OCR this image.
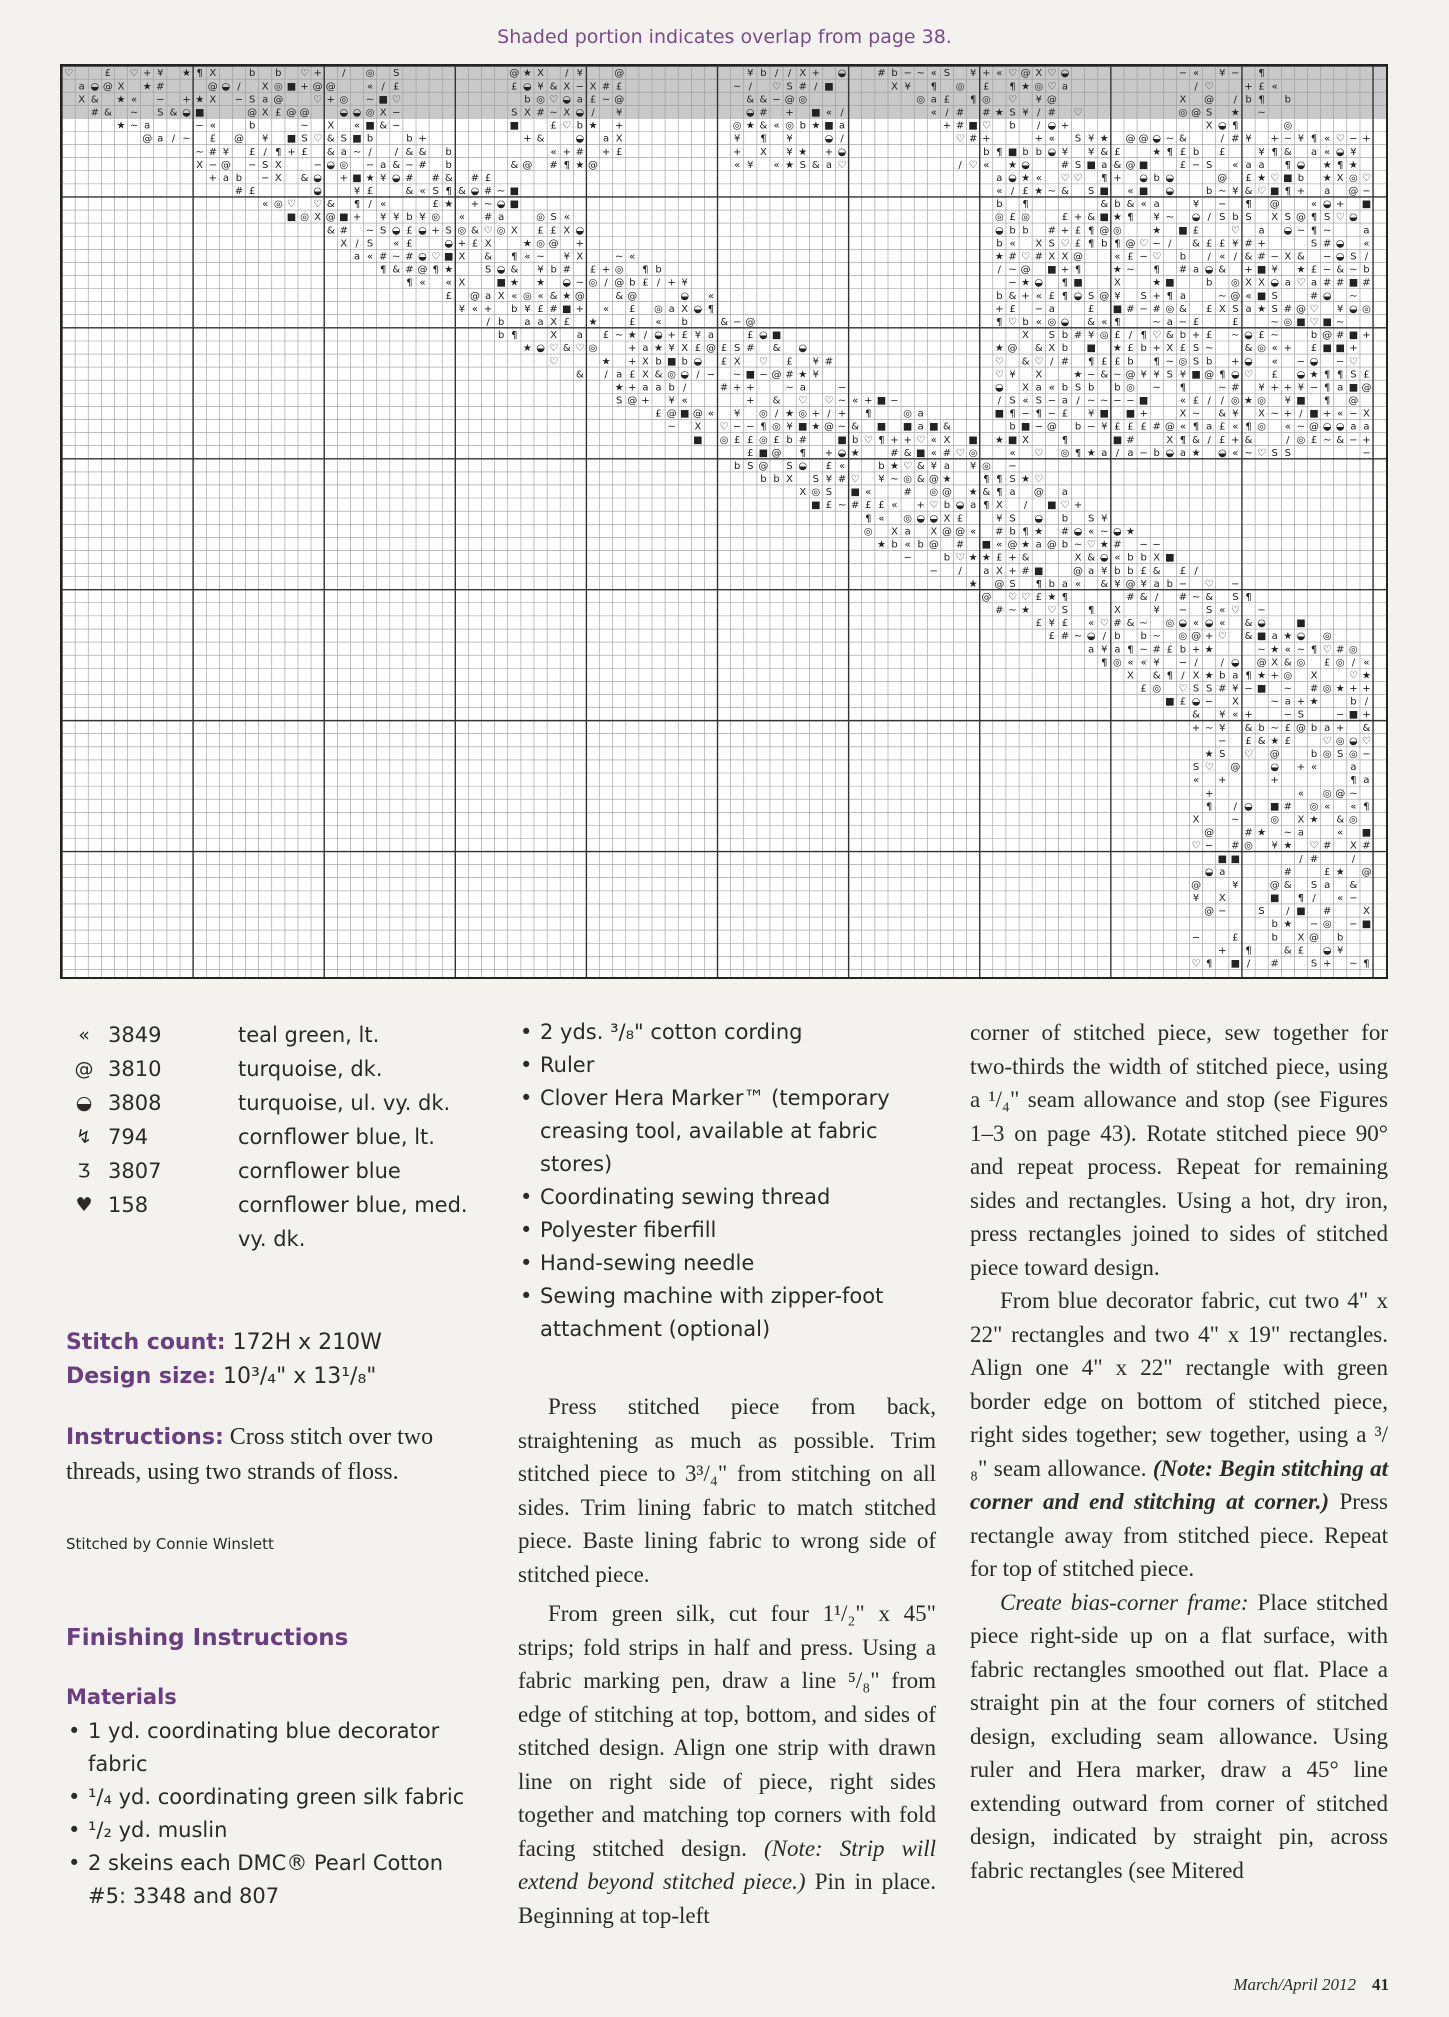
Shaded portion indicates overlap from page 38.
♡	£ ♡ + ¥ ★ ¶ X	b b ♡ + / ◎ S	@ ★ X / ¥	@	¥ b / / X + ◒	# b − ∼ « S ¥ + « ♡ @ X ♡ ◒	− « ¥ − ¶
a ◒ @ X ★ #	@ ◒ / X ◎ ■ + @ @	« / £	£ ◒ ¥ & X − X # £	∼ / ♡ S # / ■	X ¥ ¶ ◎ £ ¶ ★ ◎ ♡ a	/ ♡	+ £ «
X & ★ « − + ★ X − S a @	♡ + ◎ ∼ ■ ♡	b ◎ ♡ ◒ a £ ∼ @	& & − @ ◎	◎ a £ ¶ ◎ ♡ ¥ @	X @ / b ¶ b
# & ∼ S & ◒ ■	@ X £ @ @	◒ ◒ ◎ X −	S X # ∼ X ◒ / ¥	◒ # + ■ « /	« / # # ★ S ¥ / # ♡	◎ @ S ★ ∼
★ ∼ a	− «	b	∼ X « ■ & −	■	£ ♡ b ★ +	◎ ★ & « ◎ b ★ ■ a	+ # ■ ♡ b / ◒ +	X ◒ ¶	◎
@ a / ∼ £ @ ¥ ■ S ♡ & S ■ b	b +	+ &	◒ a X	¥ ¶ ¥	◒ /	♡ # +	+ « S ¥ ★ @ @ ◒ ∼ &	/ # ¥ + ∼ ¥ ¶ « ♡ − +
∼ # ¥ £ / ¶ + £ & a ∼ / / & & b	« + # + £	+ X ¥ ★ + ◒	b ¶ ■ b b ◒ ¥ ¥ & £	★ ¶ £ b £	¥ ¶ & a « ◒ ¥
X − @ − S X	− ◒ ◎ − a & − # b	& @ # ¶ ★ @	« ¥ « ★ S & a ♡	/ ♡ « ★ ◒	# S ■ a & @ ■	£ − S « a a ¶ ◒ ★ ¶ ★
+ a b − X & ◒ + ■ ★ ¥ ◒ # # & # £	a ◒ ★ « ♡ ♡ ¶ + ◒ b ◒	@ £ ★ ♡ ■ b ★ X ◎ ♡
# £	◒	¥ £	& « S ¶ & ◒ # ∼ ■	« / £ ★ ∼ & S ■ « ■ ◒	b ∼ ¥ & ♡ ■ ¶ + a @ −
« ◎ ♡ ♡ & ¶ / «	£ ★ + ∼ ◒ ■	b ¶	& b & « a	¥ − ¶ @	« ◒ + ■
■ ◎ X @ ■ + ¥ ¥ b ¥ ◎ « # a	◎ S «	◎ £ ◎	£ + & ■ ★ ¶ ¥ ∼ ◒ / S b S X S @ ¶ S ♡ ◒
& # ∼ S ◒ £ ◒ + S ◎ & ♡ ◎ X £ £ X ◒	◒ b b # + £ ¶ @ ◎	★ ■ £	♡ a ◒ ∼ ¶ ∼	a
X / S « £	◒ + £ X	★ ◎ @ +	b « X S ♡ £ ¶ b ¶ @ ♡ − / & £ £ ¥ # +	S # ◒ «
a « # ∼ # ◒ ♡ ■ X & ¶ « ∼ ¥ X	∼ «	★ # ♡ # X X @	« £ − ♡ b / « / & # − X & − ◒ S /
¶ & # @ ¶ ★	S ◒ & ¥ b # £ + ◎ ¶ b	/ ∼ @ ■ + ¶	★ ∼ ¶ # a ◒ & + ■ ¥ ★ £ − & ∼ b
¶ « « X	■ ★ ★ ◒ ∼ ◎ / @ b £ / + ¥	− ★ ◒ ¶ ■	X	★ ■	b ◎ X X ◒ a ♡ a # # ■ #
£ @ a X « ◎ « & ★ @	& @	◒ «	b & + « £ ¶ ◒ S @ ¥ S + ¶ a	∼ @ « ■ S	# ◒ ∼
¥ « + b ¥ £ # ■ + « £ ◎ a X ◒ ¶	+ £ − a	£ ■ # − # ◎ & £ X S a ★ S # @ ♡ ¥ ◒ ◎
/ b a a X £ ★	£ « b	& − @	¶ ♡ b « ◎ ◒ & « ¶	∼ a − £	£	∼ ◎ ■ ♡ ■ ∼
b ¶	X a £ ∼ ★ / ◒ + £ ¥ a	£ ◒ ■	X S b # ¥ ◎ £ / ¶ ♡ & b + £ ∼ ◒ £ ∼	b @ # ■ +
★ ◒ ♡ & ♡ ◎	+ a ★ ¥ X £ @ £ S # & ◒	★ @ & X b ■ ★ £ b + X £ S ∼	& ◎ « + £ ■ ■ +
♡	★ + X b ■ b ◒ £ X ♡ £ ¥ #	♡ & ♡ / # ¶ £ £ b ¶ ∼ ◎ S b + ◒ « − ◒ − ♡
& / a £ X & ◎ ◒ / − ∼ ■ − @ # ★ ¥	♡ ¥ X	★ − & ∼ @ ¥ ¥ S ¥ ■ @ ¶ ◒ ♡ £ ◒ ★ ¶ ¶ S £
★ + a a b /	# + +	∼ a	−	◒ X a « b S b b ◎ ∼ ¶	∼ # ¥ + + ¥ − ¶ a ■ @
S @ + ¥ «	+ & ♡ ♡ ∼ « + ■ −	/ S « S − a / ∼ ∼ − − ■	« £ / / ◎ ★ ◎ ¥ ■ ¶ @
£ @ ■ @ « ¥ ◎ / ★ ◎ + / + ¶	◎ a	■ ¶ − ¶ − £ ¥ ■ ■ +	X ∼ & ¥ X ∼ + / ■ + « − X
∼ X ♡ − − ¶ ◎ ¥ ■ ★ @ ∼ & ■ ■ a ■ &	b ■ − @ b − ¥ £ £ £ # @ « ¶ a £ « ¶ ◎ « ∼ @ ◒ ◒ a a
■ ◎ £ £ ◎ £ b #	■ b ♡ ¶ + + ♡ « X ■ ★ ■ X	¶	■ #	X ¶ & / £ + &	/ ◎ £ ∼ & − +
£ ■ @ ¶ + ◒ ★	# & ■ « # ♡ ◎	« ♡ ◎ ¶ ★ a / a − b ◒ a ★ ◒ « ∼ ♡ S S	−
b S @ S ◒ £ «	b ★ ♡ & ¥ a ¥ ◎ −
b b X S ¥ # ♡ ¥ ∼ ◎ & @ ★	¶ ¶ S ★ ♡
X ◎ S ■ «	# ◎ @ ★ & ¶ a @ a
■ £ ∼ # £ £ « + ♡ b ◒ a ¶ X / ■ ♡ +
¶ « ◎ ◒ ◒ X £	¥ S ◒ b S ¥
◎ X a X @ @ « # b ¶ ★ # ◒ « ∼ ◒ ★
★ b « b @ # ■ « @ ★ a @ b ∼ ♡ ★ # − −
−	b ♡ ★ ★ £ + &	X & ◒ « b b X ■
− / a X + # ■	@ a ¥ b b £ & £ /
★ @ S ¶ b a « & ¥ @ ¥ a b − ♡ −
@ ♡ ♡ £ ★ ¶	# & / # ∼ & S ¶
# ∼ ★ ♡ S ¶ X	¥ − S « ♡ −
£ ¥ £ « ♡ # & ∼ ◎ ◒ « ◒ « & ◒	■
£ # ∼ ◒ / b b ∼ ◎ @ + ♡ & ■ a ★ ◒ ◎
a ¥ a ¶ ∼ # £ b + ★	∼ ★ « ∼ ¶ ♡ # ◎
¶ ◎ « « ¥ − / / ◒ @ X & ◎ £ ◎ / «
X & ¶ / X ★ b a ¶ ★ + ◎ X	♡ ★
£ ◎ ♡ S S # ¥ − ■ ∼ # ◎ ★ + +
■ £ ◒ − X	∼ a + ★	b /
& ¥ « +	− S	− ■ +
+ ∼ ¥ & b ∼ £ @ b a + &
− £ & ★ £	♡ ◎ ◒ ♡
★ S ♡ @	b ◎ S ◎ −
S ♡ @	◒ + «	a
« +	+	¶ a
+	« ◎ @ ∼
¶ / ◒ ■ # ◎ « « ¶
X	∼	◎ X ★ & ◎
@	# ★ ∼ a	« ■
♡ − # ◎ ¥ ★ ♡ # X #
■ ■	/ #	/
◒ a	#	£ ★ @
@	¥	@ & S a &
¥ X	■ ¶ / « −
@ −	S / ■ #	X
b ★ − ◎ − ■
−	£	b X @ b
+ ¶	& £ ◒ ¥
♡ ¶ ■ / #	S + ∼ ¶
« 3849	teal green, lt.
@ 3810	turquoise, dk.
◒ 3808	turquoise, ul. vy. dk.
↯ 794	cornflower blue, lt.
Ʒ 3807	cornflower blue
♥ 158	cornflower blue, med.
vy. dk.
Stitch count: 172H x 210W
Design size: 10³/₄" x 13¹/₈"
Instructions: Cross stitch over two threads, using two strands of floss.
Stitched by Connie Winslett
Finishing Instructions
Materials
• 1 yd. coordinating blue decorator fabric
• ¹/₄ yd. coordinating green silk fabric
• ¹/₂ yd. muslin
• 2 skeins each DMC® Pearl Cotton #5: 3348 and 807
• 2 yds. ³/₈" cotton cording
• Ruler
• Clover Hera Marker™ (temporary creasing tool, available at fabric stores)
• Coordinating sewing thread
• Polyester fiberfill
• Hand-sewing needle
• Sewing machine with zipper-foot attachment (optional)

Press stitched piece from back, straightening as much as possible. Trim stitched piece to 3³/₄" from stitching on all sides. Trim lining fabric to match stitched piece. Baste lining fabric to wrong side of stitched piece.

From green silk, cut four 1¹/₂" x 45" strips; fold strips in half and press. Using a fabric marking pen, draw a line ⁵/₈" from edge of stitching at top, bottom, and sides of stitched design. Align one strip with drawn line on right side of piece, right sides together and matching top corners with fold facing stitched design. (Note: Strip will extend beyond stitched piece.) Pin in place. Beginning at top-left

corner of stitched piece, sew together for two-thirds the width of stitched piece, using a ¹/₄" seam allowance and stop (see Figures 1–3 on page 43). Rotate stitched piece 90° and repeat process. Repeat for remaining sides and rectangles. Using a hot, dry iron, press rectangles joined to sides of stitched piece toward design.

From blue decorator fabric, cut two 4" x 22" rectangles and two 4" x 19" rectangles. Align one 4" x 22" rectangle with green border edge on bottom of stitched piece, right sides together; sew together, using a ³/₈" seam allowance. (Note: Begin stitching at corner and end stitching at corner.) Press rectangle away from stitched piece. Repeat for top of stitched piece.

Create bias-corner frame: Place stitched piece right-side up on a flat surface, with fabric rectangles smoothed out flat. Place a straight pin at the four corners of stitched design, excluding seam allowance. Using ruler and Hera marker, draw a 45° line extending outward from corner of stitched design, indicated by straight pin, across fabric rectangles (see Mitered

March/April 2012 41
